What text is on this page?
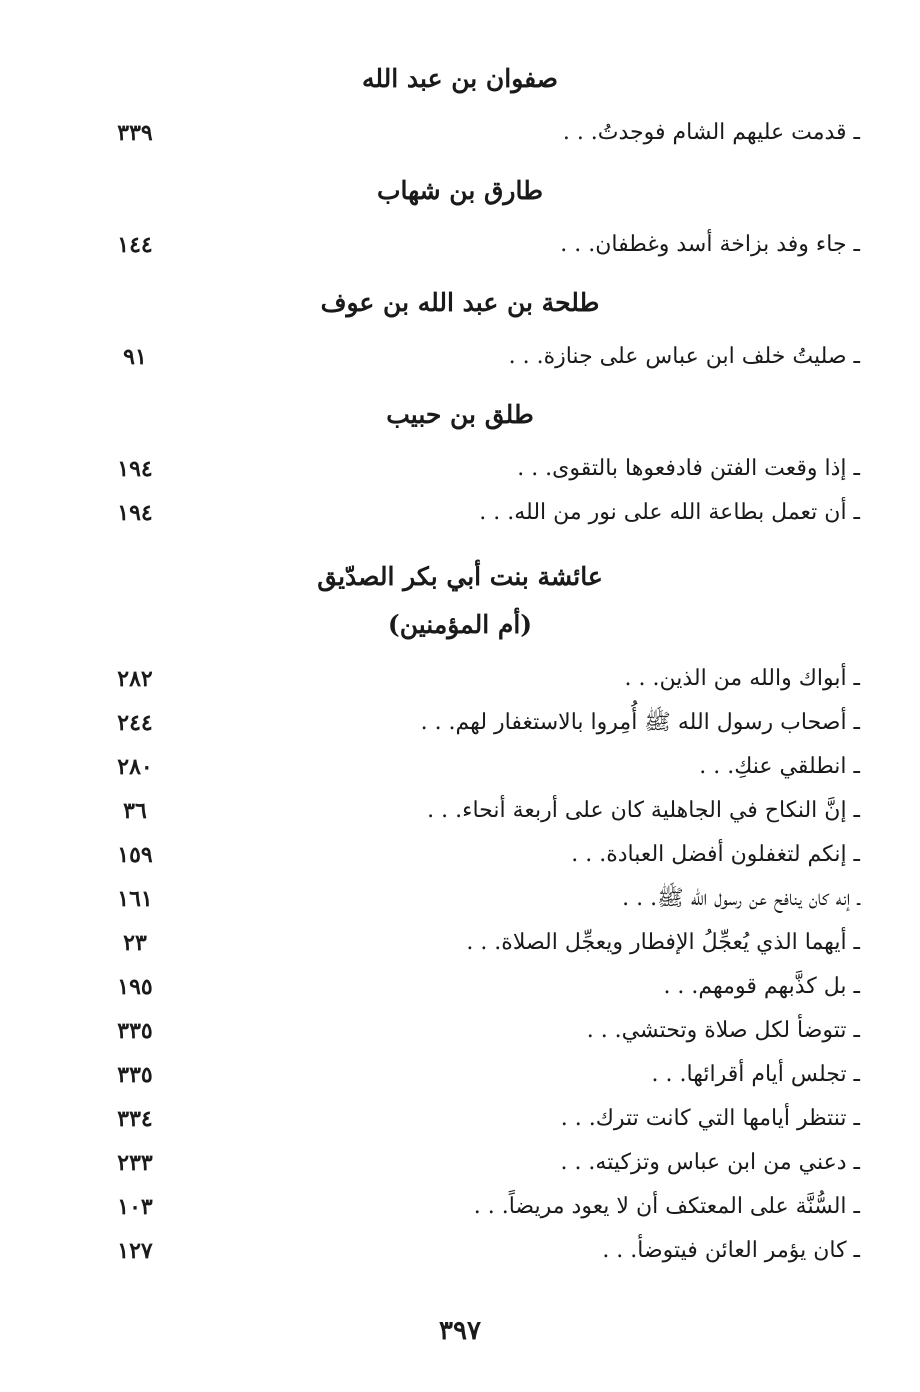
صفوان بن عبد الله
ـ قدمت عليهم الشام فوجدتُ. . .
٣٣٩
طارق بن شهاب
ـ جاء وفد بزاخة أسد وغطفان. . .
١٤٤
طلحة بن عبد الله بن عوف
ـ صليتُ خلف ابن عباس على جنازة. . .
٩١
طلق بن حبيب
ـ إذا وقعت الفتن فادفعوها بالتقوى. . .
١٩٤
ـ أن تعمل بطاعة الله على نور من الله. . .
١٩٤
عائشة بنت أبي بكر الصدّيق
(أم المؤمنين)
ـ أبواك والله من الذين. . .
٢٨٢
ـ أصحاب رسول الله ﷺ أُمِروا بالاستغفار لهم. . .
٢٤٤
ـ انطلقي عنكِ. . .
٢٨٠
ـ إنَّ النكاح في الجاهلية كان على أربعة أنحاء. . .
٣٦
ـ إنكم لتغفلون أفضل العبادة. . .
١٥٩
ـ إنه كان ينافح عن رسول الله ﷺ. . .
١٦١
ـ أيهما الذي يُعجِّلُ الإفطار ويعجِّل الصلاة. . .
٢٣
ـ بل كذَّبهم قومهم. . .
١٩٥
ـ تتوضأ لكل صلاة وتحتشي. . .
٣٣٥
ـ تجلس أيام أقرائها. . .
٣٣٥
ـ تنتظر أيامها التي كانت تترك. . .
٣٣٤
ـ دعني من ابن عباس وتزكيته. . .
٢٣٣
ـ السُّنَّة على المعتكف أن لا يعود مريضاً. . .
١٠٣
ـ كان يؤمر العائن فيتوضأ. . .
١٢٧
٣٩٧
